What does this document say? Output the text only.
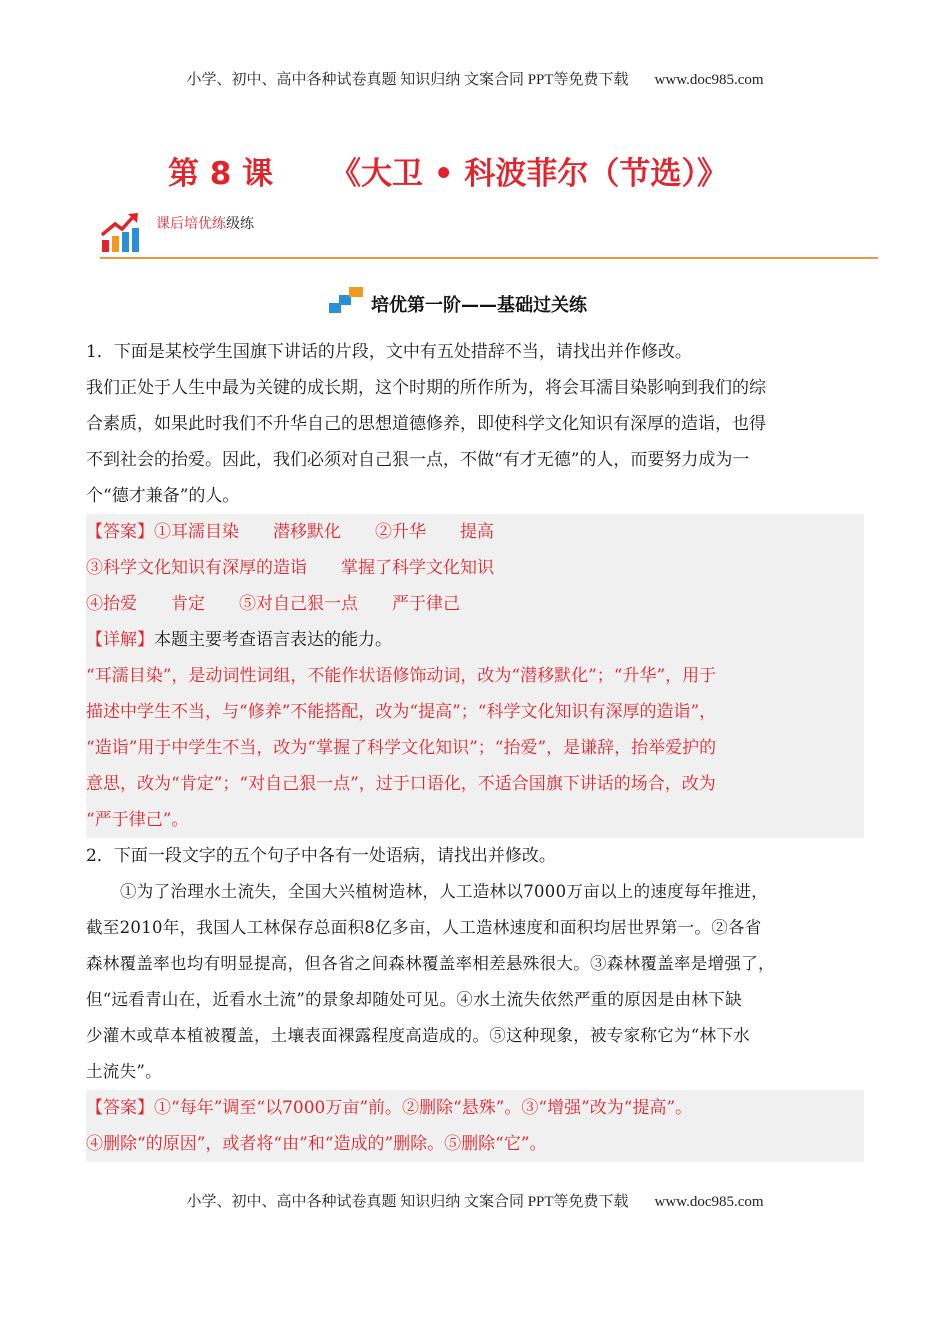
小学、初中、高中各种试卷真题 知识归纳 文案合同 PPT等免费下载 www.doc985.com
第 8 课 《大卫 • 科波菲尔（节选）》
课后培优练级练
培优第一阶——基础过关练
1．下面是某校学生国旗下讲话的片段，文中有五处措辞不当，请找出并作修改。
我们正处于人生中最为关键的成长期，这个时期的所作所为，将会耳濡目染影响到我们的综
合素质，如果此时我们不升华自己的思想道德修养，即使科学文化知识有深厚的造诣，也得
不到社会的抬爱。因此，我们必须对自己狠一点，不做“有才无德”的人，而要努力成为一
个“德才兼备”的人。
【答案】①耳濡目染 潜移默化 ②升华 提高
③科学文化知识有深厚的造诣 掌握了科学文化知识
④抬爱 肯定 ⑤对自己狠一点 严于律己
【详解】本题主要考查语言表达的能力。
“耳濡目染”，是动词性词组，不能作状语修饰动词，改为“潜移默化”；“升华”，用于
描述中学生不当，与“修养”不能搭配，改为“提高”；“科学文化知识有深厚的造诣”，
“造诣”用于中学生不当，改为“掌握了科学文化知识”；“抬爱”，是谦辞，抬举爱护的
意思，改为“肯定”；“对自己狠一点”，过于口语化，不适合国旗下讲话的场合，改为
“严于律己”。
2．下面一段文字的五个句子中各有一处语病，请找出并修改。
①为了治理水土流失，全国大兴植树造林，人工造林以7000万亩以上的速度每年推进，
截至2010年，我国人工林保存总面积8亿多亩，人工造林速度和面积均居世界第一。②各省
森林覆盖率也均有明显提高，但各省之间森林覆盖率相差悬殊很大。③森林覆盖率是增强了，
但“远看青山在，近看水土流”的景象却随处可见。④水土流失依然严重的原因是由林下缺
少灌木或草本植被覆盖，土壤表面裸露程度高造成的。⑤这种现象，被专家称它为“林下水
土流失”。
【答案】①“每年”调至“以7000万亩”前。②删除“悬殊”。③“增强”改为“提高”。
④删除“的原因”，或者将“由”和“造成的”删除。⑤删除“它”。
小学、初中、高中各种试卷真题 知识归纳 文案合同 PPT等免费下载 www.doc985.com
